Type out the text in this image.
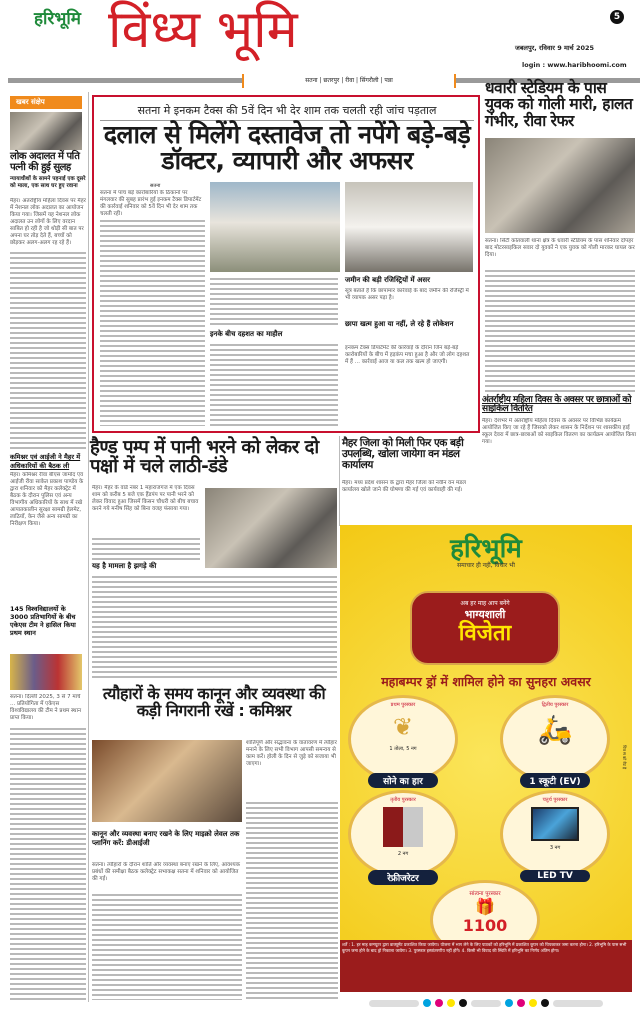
हरिभूमि विंध्य भूमि	5
जबलपुर, रविवार 9 मार्च 2025
login : www.haribhoomi.com
सतना | छतरपुर | रीवा | सिंगरौली | पन्ना
खबर संक्षेप
लोक अदालत में पति पत्नी की हुई सुलह
न्यायाधीशों के सामने पहनाई एक दूसरे को माला, एक साथ घर हुए रवाना
मैहर। अंतर्राष्ट्रीय महिला दिवस पर मैहर में नेशनल लोक अदालत का आयोजन किया गया। जिसमें यह नेशनल लोक अदालत उन लोगों के लिए वरदान साबित हो रही है जो थोड़ी सी बात पर अपना घर तोड़ देते हैं, बच्चों को छोड़कर अलग-अलग रह रहे हैं।
कमिश्नर एवं आईजी ने मैहर में अधिकारियों की बैठक ली
मैहर। कमिश्नर रीवा बीएस जामोद एवं आईजी रीवा साकेत प्रकाश पाण्डेय के द्वारा शनिवार को मैहर कलेक्ट्रेट में बैठक के दौरान पुलिस एवं अन्य विभागीय अधिकारियों के साथ में रखे आपातकालीन सुरक्षा सामग्री हेलमेट, लाठियाँ, केन जैसे अन्य सामग्री का निरीक्षण किया।
145 विश्वविद्यालयों के 3000 प्रतिभागियों के बीच एकेएस टीम ने हासिल किया प्रथम स्थान
सतना। दिल्ली 2025, 3 से 7 मार्च ... प्रतियोगिता में एकेएस विश्वविद्यालय की टीम ने प्रथम स्थान प्राप्त किया।
सतना मे इनकम टैक्स की 5वें दिन भी देर शाम तक चलती रही जांच पड़ताल
दलाल से मिलेंगे दस्तावेज तो नपेंगे बड़े-बड़े डॉक्टर, व्यापारी और अफसर
सतना
सतना में पांच बड़े कारोबारियों के ठिकानों पर मंगलवार की सुबह प्रारंभ हुई इनकम टैक्स डिपार्टमेंट की कार्रवाई शनिवार को 5वें दिन भी देर शाम तक चलती रही।
इनके बीच दहशत का माहौल
जमीन की बड़ी रजिस्ट्रियों में असर
सूत्र बताते है कि छापामार कार्रवाई के बाद जमीन की रजिस्ट्री में भी व्यापक असर पड़ा है।
छापा खत्म हुआ या नहीं, ले रहे हैं लोकेशन
इनकम टैक्स डिपार्टमेंट की कार्रवाई के दौरान जिन बड़े-बड़े कारोबारियों के बीच में हड़कंप मचा हुआ है और जो लोग दहशत में हैं ... कार्रवाई आज या कल तक खत्म हो जाएगी।
धवारी स्टेडियम के पास युवक को गोली मारी, हालत गंभीर, रीवा रेफर
सतना। सिटी कोतवाली थाना क्षेत्र के धवारी स्टेडियम के पास शनिवार दोपहर बाद मोटरसाइकिल सवार दो युवकों ने एक युवक को गोली मारकर घायल कर दिया।
अंतर्राष्ट्रीय महिला दिवस के अवसर पर छात्राओं को साइकिल वितरित
मैहर। देशभर में अंतर्राष्ट्रीय महिला दिवस के अवसर पर विभिन्न कार्यक्रम आयोजित किए जा रहे हैं जिसको लेकर शासन के निर्देशन पर शासकीय हाई स्कूल देवरा में छात्र-छात्राओं को साइकिल वितरण का कार्यक्रम आयोजित किया गया।
हैण्ड पम्प में पानी भरने को लेकर दो पक्षों में चले लाठी-डंडे
मैहर। मैहर के वार्ड नंबर 1 महाराजगंज में एक दिवस शाम को करीब 5 बजे एक हैंडपंप पर पानी भरने को लेकर विवाद हुआ जिसमें किसन चौधरी को बीच बचाव करने गये मनीष सिंह को बिना वजह फंसाया गया।
यह है मामला है झगड़े की
मैहर जिला को मिली फिर एक बड़ी उपलब्धि, खोला जायेगा वन मंडल कार्यालय
मैहर। मध्य प्रदेश शासन के द्वारा मैहर जिला को नवीन वन मंडल कार्यालय खोले जाने की घोषणा की गई एवं कार्यवाही की गई।
त्यौहारों के समय कानून और व्यवस्था की कड़ी निगरानी रखें : कमिश्नर
शांतिपूर्ण और सद्भावना के वातावरण में त्यौहार मनाने के लिए सभी विभाग आपसी समन्वय से काम करें। होली के दिन से जुड़े को सजाया भी जाएगा।
कानून और व्यवस्था बनाए रखने के लिए माइक्रो लेवल तक प्लानिंग करें: डीआईजी
सतना। त्यौहारों के दौरान शांति और व्यवस्था बनाए रखने के लिए, आवश्यक प्रबंधों की समीक्षा बैठक कलेक्ट्रेट सभाकक्ष सतना में शनिवार को आयोजित की गई।
हरिभूमि
समाचार ही नहीं, विचार भी
अब हर माह आप बनेंगे
भाग्यशाली
विजेता
महाबम्पर ड्रॉ में शामिल होने का सुनहरा अवसर
प्रथम पुरस्कार
❦
1 तोला, 5 नग
सोने का हार
द्वितीय पुरस्कार
🛵
1 स्कूटी (EV)
तृतीय पुरस्कार
2 नग
रेफ्रीजरेटर
चतुर्थ पुरस्कार
3 नग
LED TV
सांत्वना पुरस्कार
🎁
1100
चित्र स को बैट है
शर्तें : 1. हर माह कम्प्यूटर द्वारा डाक्यूमेंट प्रकाशित किया जायेगा। योजना में भाग लेने के लिए पाठकों को हरिभूमि में प्रकाशित कूपन को चिपकाकर जमा करना होगा। 2. हरिभूमि के पास सभी कूपन जमा होने के बाद ड्रॉ निकाला जायेगा। 3. पुरस्कार हस्तांतरणीय नहीं होंगे। 4. किसी भी विवाद की स्थिति में हरिभूमि का निर्णय अंतिम होगा।
